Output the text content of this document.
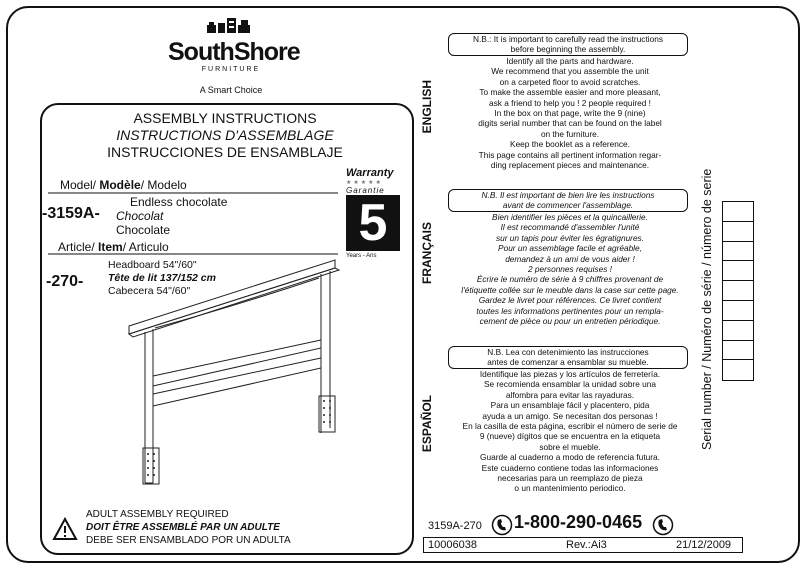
SouthShore
FURNITURE
A Smart Choice
ASSEMBLY INSTRUCTIONS
INSTRUCTIONS D'ASSEMBLAGE
INSTRUCCIONES DE ENSAMBLAJE
Model/ Modèle/ Modelo
-3159A-
Endless chocolate
Chocolat
Chocolate
Article/ Item/ Articulo
-270-
Headboard 54"/60"
Tête de lit 137/152 cm
Cabecera 54"/60"
Warranty
★★★★★
Garantie
5
Years - Ans
ADULT ASSEMBLY REQUIRED
DOIT ÊTRE ASSEMBLÉ PAR UN ADULTE
DEBE SER ENSAMBLADO POR UN ADULTA
ENGLISH
N.B.: It is important to carefully read the instructions
before beginning the assembly.
Identify all the parts and hardware.
We recommend that you assemble the unit
on a carpeted floor to avoid scratches.
To make the assemble easier and more pleasant,
ask a friend to help you ! 2 people required !
In the box on that page, write the 9 (nine)
digits serial number that can be found on the label
on the furniture.
Keep the booklet as a reference.
This page contains all pertinent information regar-
ding replacement pieces and maintenance.
FRANÇAIS
N.B. Il est important de bien lire les instructions
avant de commencer l'assemblage.
Bien identifier les pièces et la quincaillerie.
Il est recommandé d'assembler l'unité
sur un tapis pour éviter les égratignures.
Pour un assemblage facile et agréable,
demandez à un ami de vous aider !
2 personnes requises !
Écrire le numéro de série à 9 chiffres provenant de
l'étiquette collée sur le meuble dans la case sur cette page.
Gardez le livret pour références. Ce livret contient
toutes les informations pertinentes pour un rempla-
cement de pièce ou pour un entretien périodique.
ESPAÑOL
N.B. Lea con detenimiento las instrucciones
antes de comenzar a ensamblar su mueble.
Identifique las piezas y los artículos de ferretería.
Se recomienda ensamblar la unidad sobre una
alfombra para evitar las rayaduras.
Para un ensamblaje fácil y placentero, pida
ayuda a un amigo. Se necesitan dos personas !
En la casilla de esta página, escribir el número de serie de
9 (nueve) dígitos que se encuentra en la etiqueta
sobre el mueble.
Guarde al cuaderno a modo de referencia futura.
Este cuaderno contiene todas las informaciones
necesarias para un reemplazo de pieza
o un mantenimiento periodico.
Serial number / Numéro de série / número de serie
3159A-270 1-800-290-0465
10006038	Rev.:Ai3	21/12/2009
